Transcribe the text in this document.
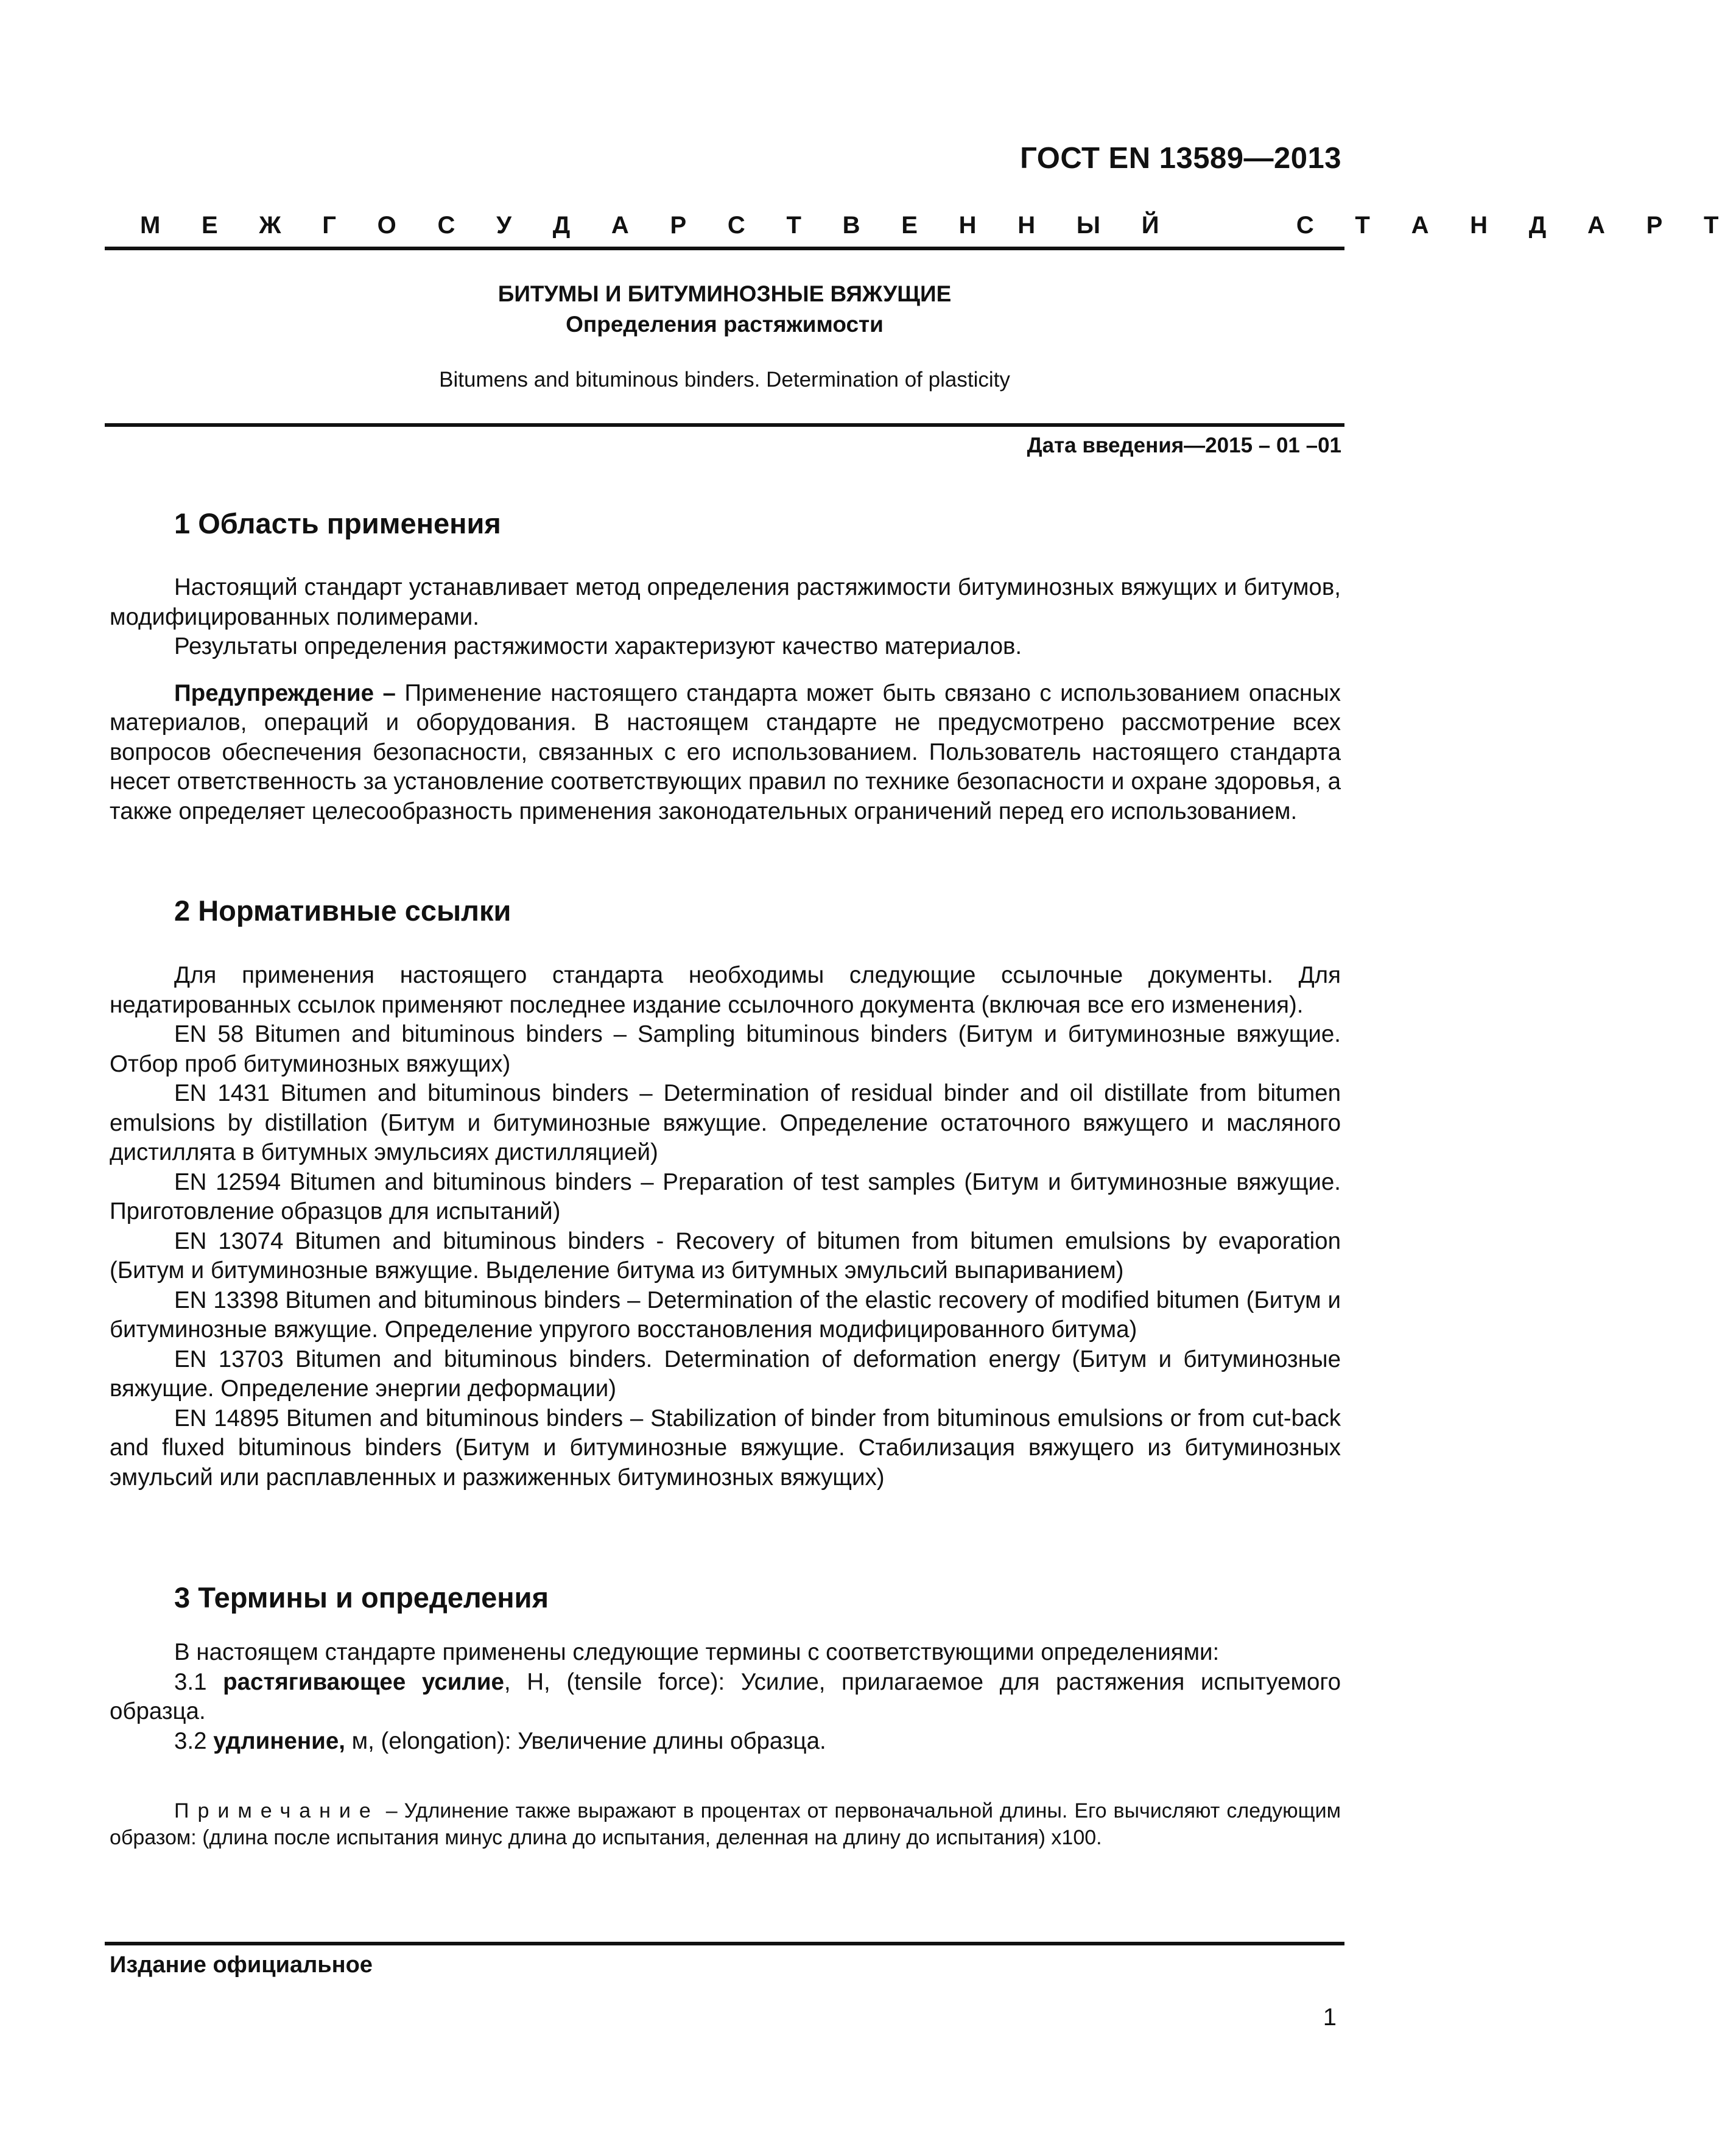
ГОСТ EN 13589—2013
М Е Ж Г О С У Д А Р С Т В Е Н Н Ы Й     С Т А Н Д А Р Т
БИТУМЫ И БИТУМИНОЗНЫЕ ВЯЖУЩИЕ
Определения растяжимости
Bitumens and bituminous binders. Determination of plasticity
Дата введения—2015 – 01 –01
1 Область применения

Настоящий стандарт устанавливает метод определения растяжимости битуминозных вяжущих и битумов, модифицированных полимерами.

Результаты определения растяжимости характеризуют качество материалов.

Предупреждение – Применение настоящего стандарта может быть связано с использованием опасных материалов, операций и оборудования. В настоящем стандарте не предусмотрено рассмотрение всех вопросов обеспечения безопасности, связанных с его использованием. Пользователь настоящего стандарта несет ответственность за установление соответствующих правил по технике безопасности и охране здоровья, а также определяет целесообразность применения законодательных ограничений перед его использованием.

2 Нормативные ссылки

Для применения настоящего стандарта необходимы следующие ссылочные документы. Для недатированных ссылок применяют последнее издание ссылочного документа (включая все его изменения).

EN 58 Bitumen and bituminous binders – Sampling bituminous binders (Битум и битуминозные вяжущие. Отбор проб битуминозных вяжущих)

EN 1431 Bitumen and bituminous binders – Determination of residual binder and oil distillate from bitumen emulsions by distillation (Битум и битуминозные вяжущие. Определение остаточного вяжущего и масляного дистиллята в битумных эмульсиях дистилляцией)

EN 12594 Bitumen and bituminous binders – Preparation of test samples (Битум и битуминозные вяжущие. Приготовление образцов для испытаний)

EN 13074 Bitumen and bituminous binders - Recovery of bitumen from bitumen emulsions by evaporation (Битум и битуминозные вяжущие. Выделение битума из битумных эмульсий выпариванием)

EN 13398 Bitumen and bituminous binders – Determination of the elastic recovery of modified bitumen (Битум и битуминозные вяжущие. Определение упругого восстановления модифицированного битума)

EN 13703 Bitumen and bituminous binders. Determination of deformation energy (Битум и битуминозные вяжущие. Определение энергии деформации)

EN 14895 Bitumen and bituminous binders – Stabilization of binder from bituminous emulsions or from cut-back and fluxed bituminous binders (Битум и битуминозные вяжущие. Стабилизация вяжущего из битуминозных эмульсий или расплавленных и разжиженных битуминозных вяжущих)

3 Термины и определения

В настоящем стандарте применены следующие термины с соответствующими определениями:

3.1 растягивающее усилие, Н, (tensile force): Усилие, прилагаемое для растяжения испытуемого образца.

3.2 удлинение, м, (elongation): Увеличение длины образца.

Примечание – Удлинение также выражают в процентах от первоначальной длины. Его вычисляют следующим образом: (длина после испытания минус длина до испытания, деленная на длину до испытания) x100.
Издание официальное
1
